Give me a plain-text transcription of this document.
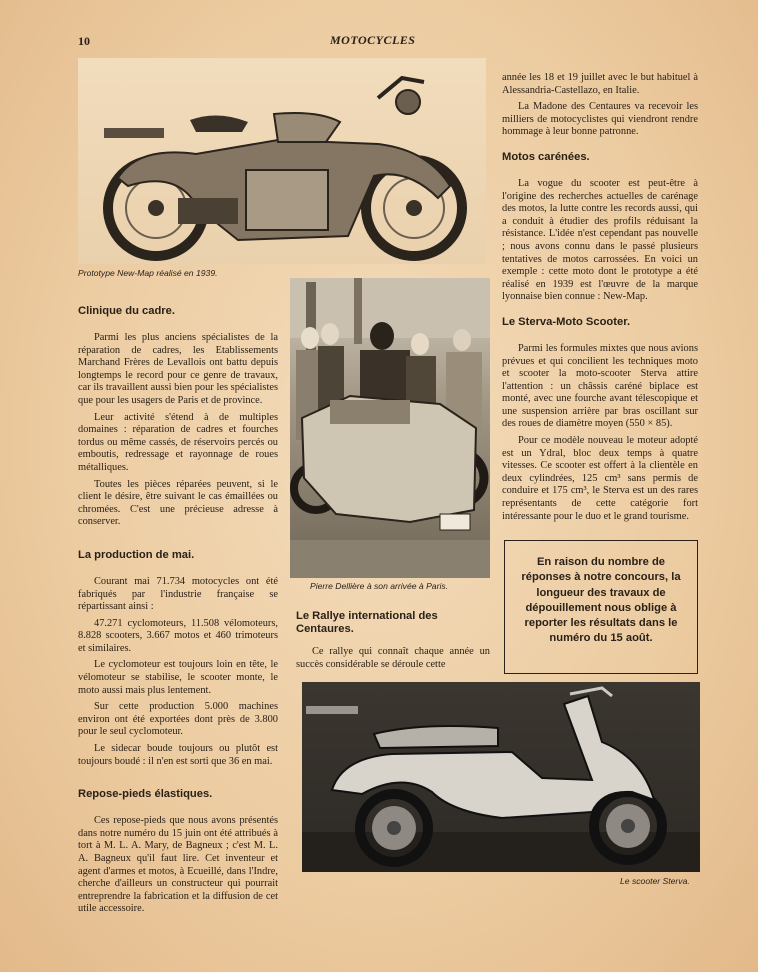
10	MOTOCYCLES
Prototype New-Map réalisé en 1939.
Clinique du cadre.

Parmi les plus anciens spécialistes de la réparation de cadres, les Etablissements Marchand Frères de Levallois ont battu depuis longtemps le record pour ce genre de travaux, car ils travaillent aussi bien pour les spécialistes que pour les usagers de Paris et de province.

Leur activité s'étend à de multiples domaines : réparation de cadres et fourches tordus ou même cassés, de réservoirs percés ou emboutis, redressage et rayonnage de roues métalliques.

Toutes les pièces réparées peuvent, si le client le désire, être suivant le cas émaillées ou chromées. C'est une précieuse adresse à conserver.

La production de mai.

Courant mai 71.734 motocycles ont été fabriqués par l'industrie française se répartissant ainsi :

47.271 cyclomoteurs, 11.508 vélomoteurs, 8.828 scooters, 3.667 motos et 460 trimoteurs et similaires.

Le cyclomoteur est toujours loin en tête, le vélomoteur se stabilise, le scooter monte, le moto aussi mais plus lentement.

Sur cette production 5.000 machines environ ont été exportées dont près de 3.800 pour le seul cyclomoteur.

Le sidecar boude toujours ou plutôt est toujours boudé : il n'en est sorti que 36 en mai.

Repose-pieds élastiques.

Ces repose-pieds que nous avons présentés dans notre numéro du 15 juin ont été attribués à tort à M. L. A. Mary, de Bagneux ; c'est M. L. A. Bagneux qu'il faut lire. Cet inventeur et agent d'armes et motos, à Ecueillé, dans l'Indre, cherche d'ailleurs un constructeur qui pourrait entreprendre la fabrication et la diffusion de cet utile accessoire.

Pierre Dellière à son arrivée à Paris.
Le Rallye international des Centaures.

Ce rallye qui connaît chaque année un succès considérable se déroule cette

année les 18 et 19 juillet avec le but habituel à Alessandria-Castellazo, en Italie.

La Madone des Centaures va recevoir les milliers de motocyclistes qui viendront rendre hommage à leur bonne patronne.

Motos carénées.

La vogue du scooter est peut-être à l'origine des recherches actuelles de carénage des motos, la lutte contre les records aussi, qui a conduit à étudier des profils réduisant la résistance. L'idée n'est cependant pas nouvelle ; nous avons connu dans le passé plusieurs tentatives de motos carrossées. En voici un exemple : cette moto dont le prototype a été réalisé en 1939 est l'œuvre de la marque lyonnaise bien connue : New-Map.

Le Sterva-Moto Scooter.

Parmi les formules mixtes que nous avions prévues et qui concilient les techniques moto et scooter la moto-scooter Sterva attire l'attention : un châssis caréné biplace est monté, avec une fourche avant télescopique et une suspension arrière par bras oscillant sur des roues de diamètre moyen (550 × 85).

Pour ce modèle nouveau le moteur adopté est un Ydral, bloc deux temps à quatre vitesses. Ce scooter est offert à la clientèle en deux cylindrées, 125 cm³ sans permis de conduire et 175 cm³, le Sterva est un des rares représentants de cette catégorie fort intéressante pour le duo et le grand tourisme.

En raison du nombre de réponses à notre concours, la longueur des travaux de dépouillement nous oblige à reporter les résultats dans le numéro du 15 août.
Le scooter Sterva.
